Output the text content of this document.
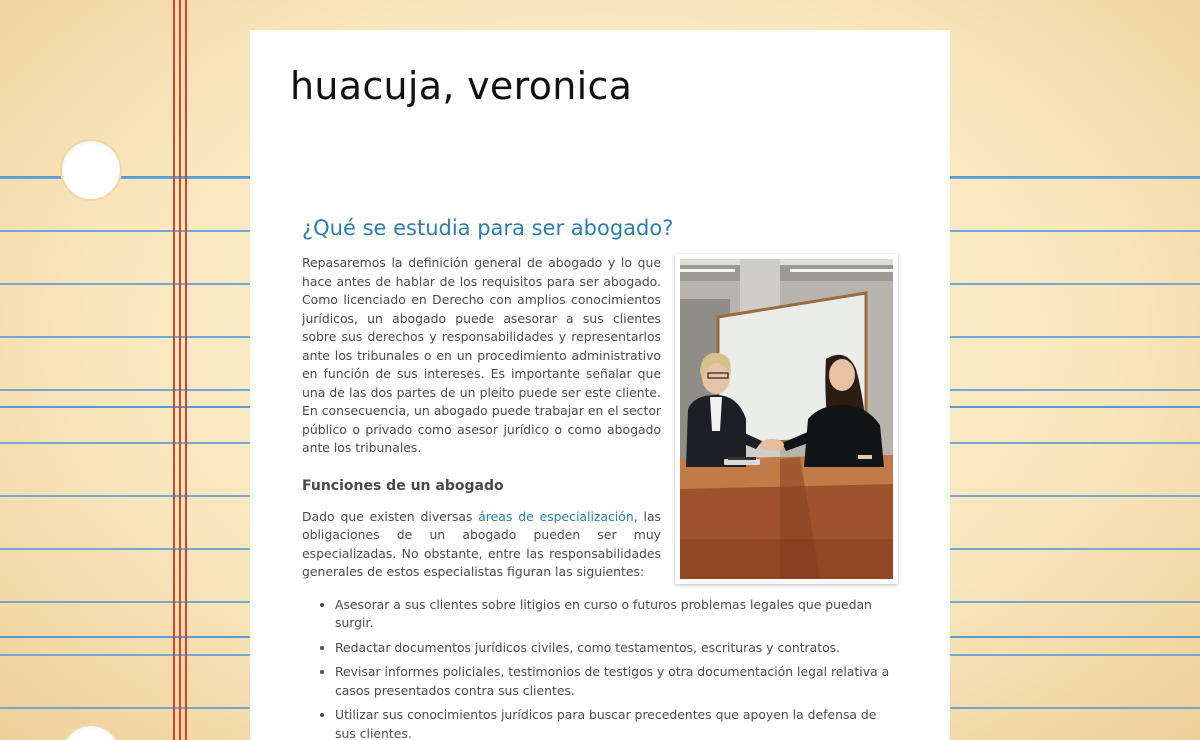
huacuja, veronica
¿Qué se estudia para ser abogado?

Repasaremos la definición general de abogado y lo que hace antes de hablar de los requisitos para ser abogado. Como licenciado en Derecho con amplios conocimientos jurídicos, un abogado puede asesorar a sus clientes sobre sus derechos y responsabilidades y representarlos ante los tribunales o en un procedimiento administrativo en función de sus intereses. Es importante señalar que una de las dos partes de un pleito puede ser este cliente. En consecuencia, un abogado puede trabajar en el sector público o privado como asesor jurídico o como abogado ante los tribunales.

Funciones de un abogado

Dado que existen diversas áreas de especialización, las obligaciones de un abogado pueden ser muy especializadas. No obstante, entre las responsabilidades generales de estos especialistas figuran las siguientes:

• Asesorar a sus clientes sobre litigios en curso o futuros problemas legales que puedan surgir.
• Redactar documentos jurídicos civiles, como testamentos, escrituras y contratos.
• Revisar informes policiales, testimonios de testigos y otra documentación legal relativa a casos presentados contra sus clientes.
• Utilizar sus conocimientos jurídicos para buscar precedentes que apoyen la defensa de sus clientes.
